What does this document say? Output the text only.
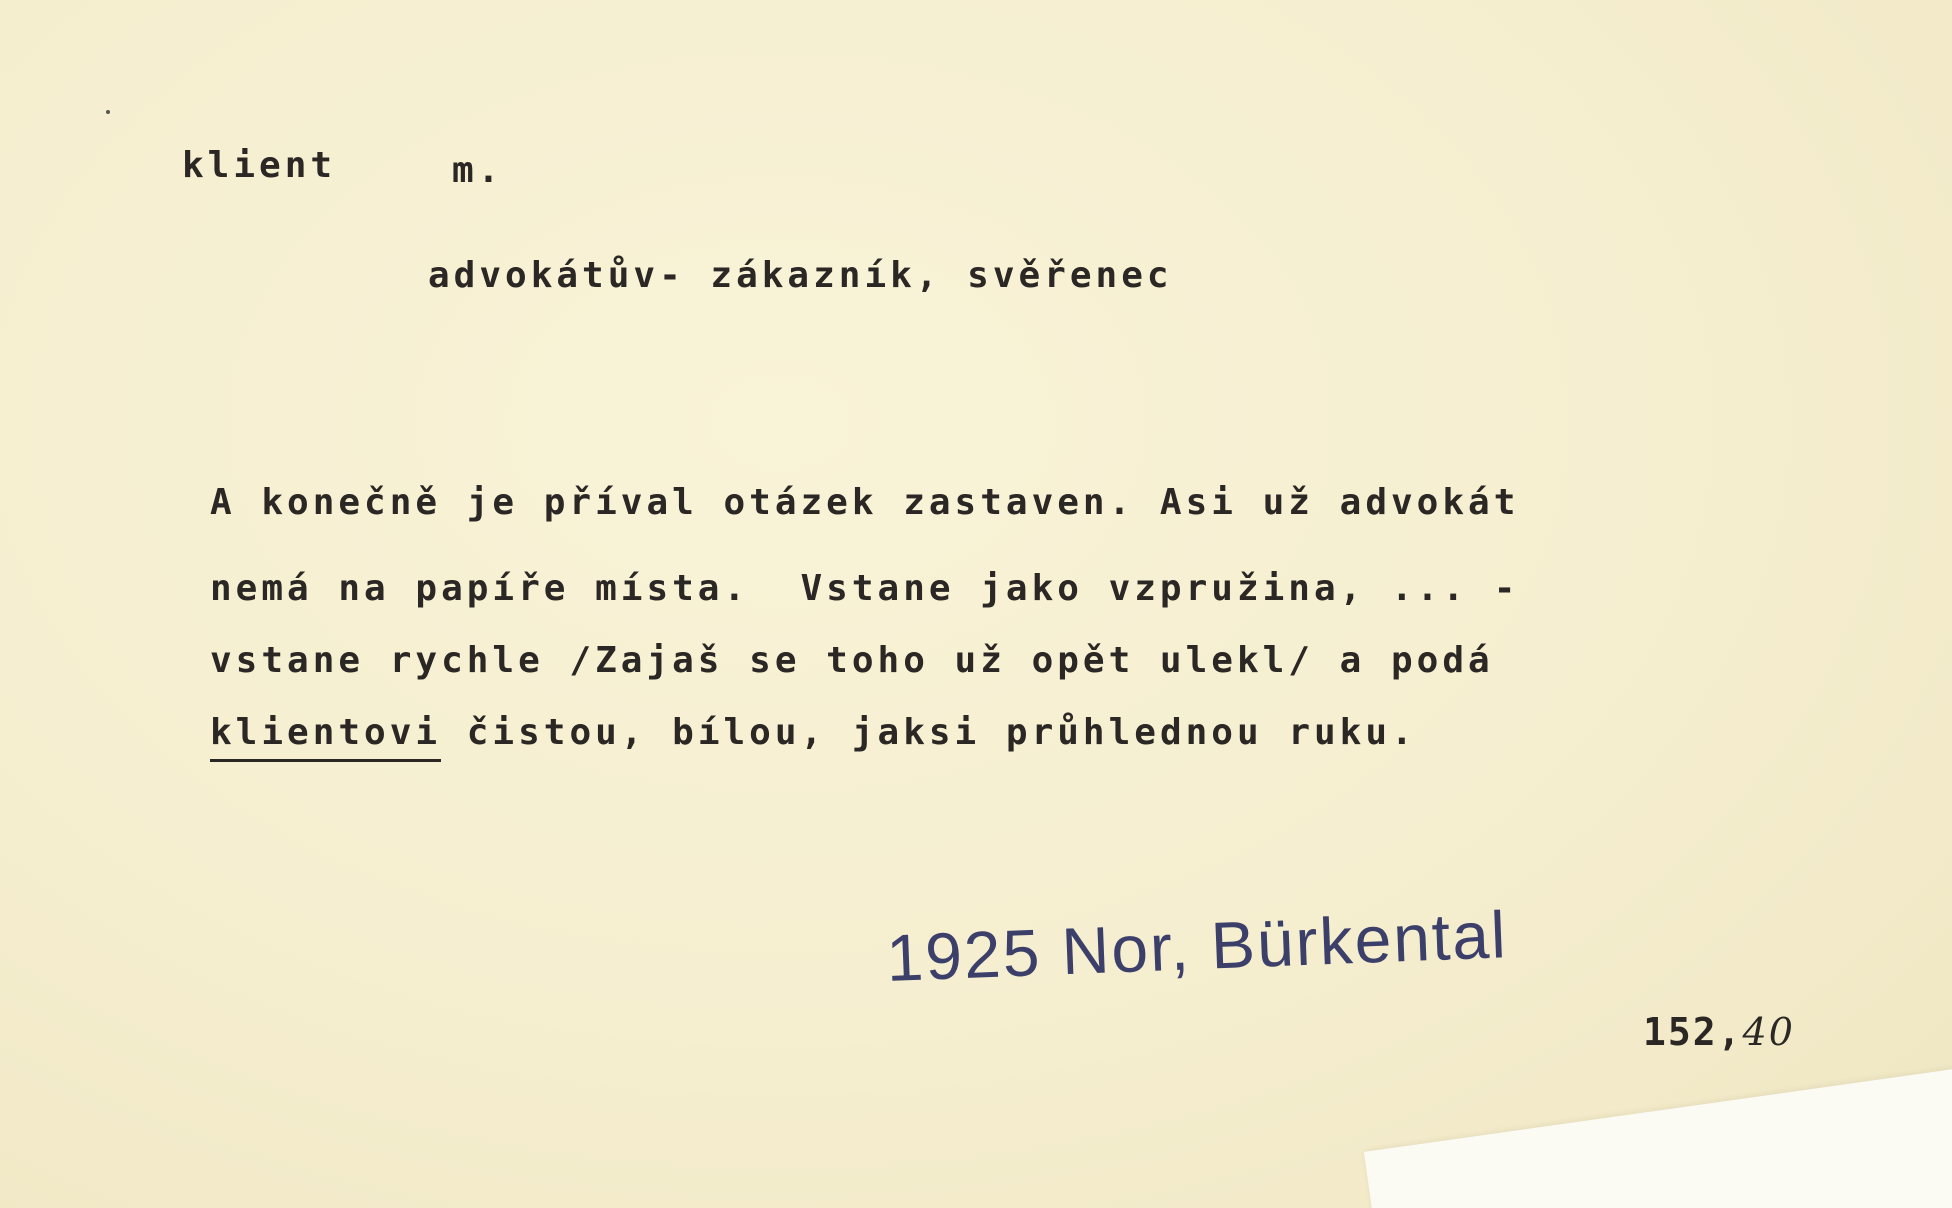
klient	m.
advokátův- zákazník, svěřenec
A konečně je příval otázek zastaven. Asi už advokát
nemá na papíře místa.  Vstane jako vzpružina, ... -
vstane rychle /Zajaš se toho už opět ulekl/ a podá
klientovi čistou, bílou, jaksi průhlednou ruku.
1925 Nor, Bürkental
152,40
